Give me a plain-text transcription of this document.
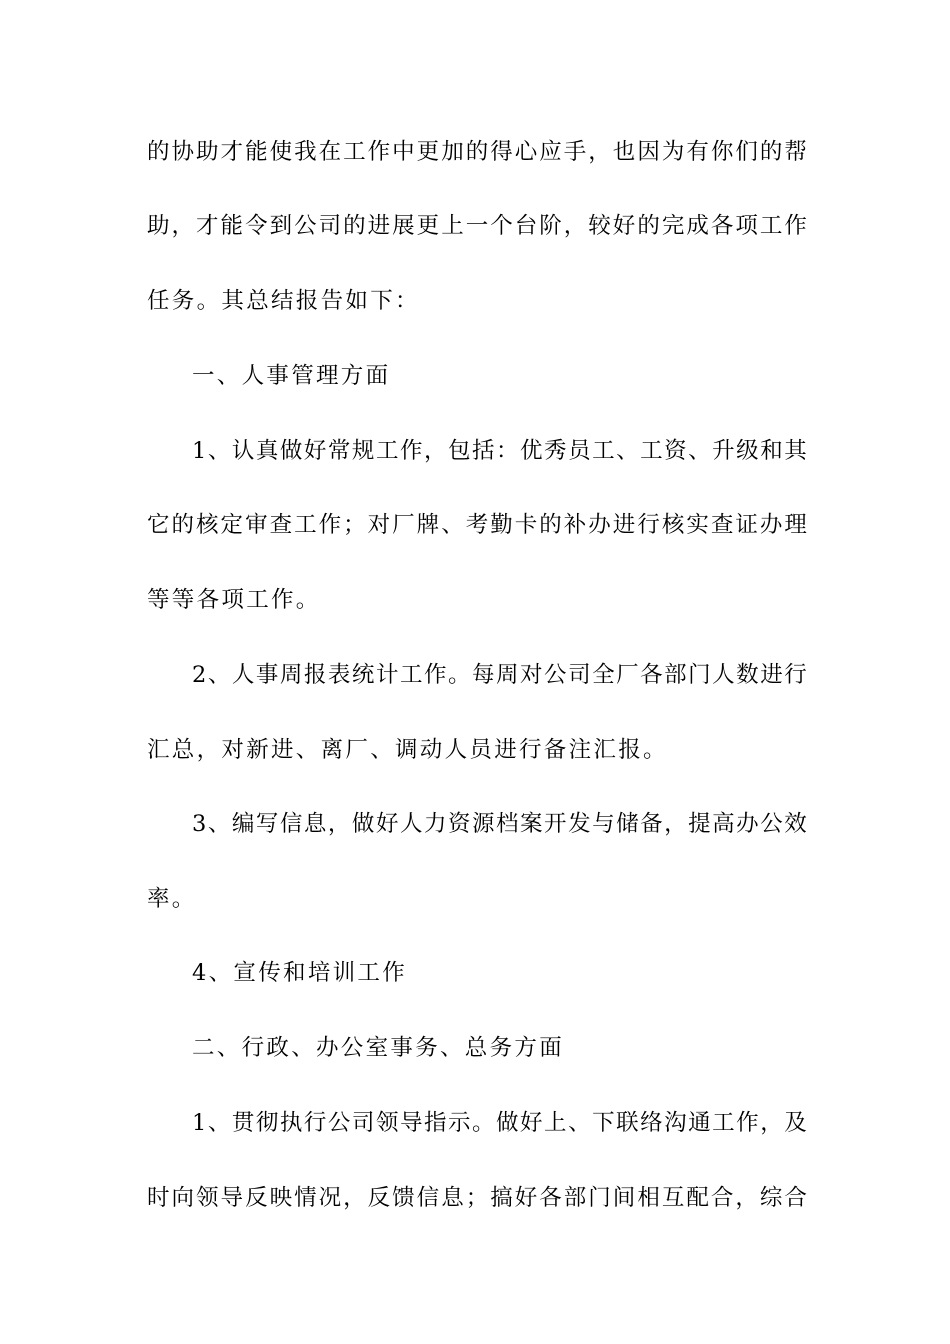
的 协 助 才 能 使 我 在 工 作 中 更 加 的 得 心 应 手 ， 也 因 为 有 你 们 的 帮
助 ， 才 能 令 到 公 司 的 进 展 更 上 一 个 台 阶 ， 较 好 的 完 成 各 项 工 作
任务。其总结报告如下：
一、人事管理方面
1 、 认 真 做 好 常 规 工 作 ， 包 括 ： 优 秀 员 工 、 工 资 、 升 级 和 其
它 的 核 定 审 查 工 作 ； 对 厂 牌 、 考 勤 卡 的 补 办 进 行 核 实 查 证 办 理
等等各项工作。
2 、 人 事 周 报 表 统 计 工 作 。 每 周 对 公 司 全 厂 各 部 门 人 数 进 行
汇总，对新进、离厂、调动人员进行备注汇报。
3 、 编 写 信 息 ， 做 好 人 力 资 源 档 案 开 发 与 储 备 ， 提 高 办 公 效
率。
4、宣传和培训工作
二、行政、办公室事务、总务方面
1 、 贯 彻 执 行 公 司 领 导 指 示 。 做 好 上 、 下 联 络 沟 通 工 作 ， 及
时 向 领 导 反 映 情 况 ， 反 馈 信 息 ； 搞 好 各 部 门 间 相 互 配 合 ， 综 合
